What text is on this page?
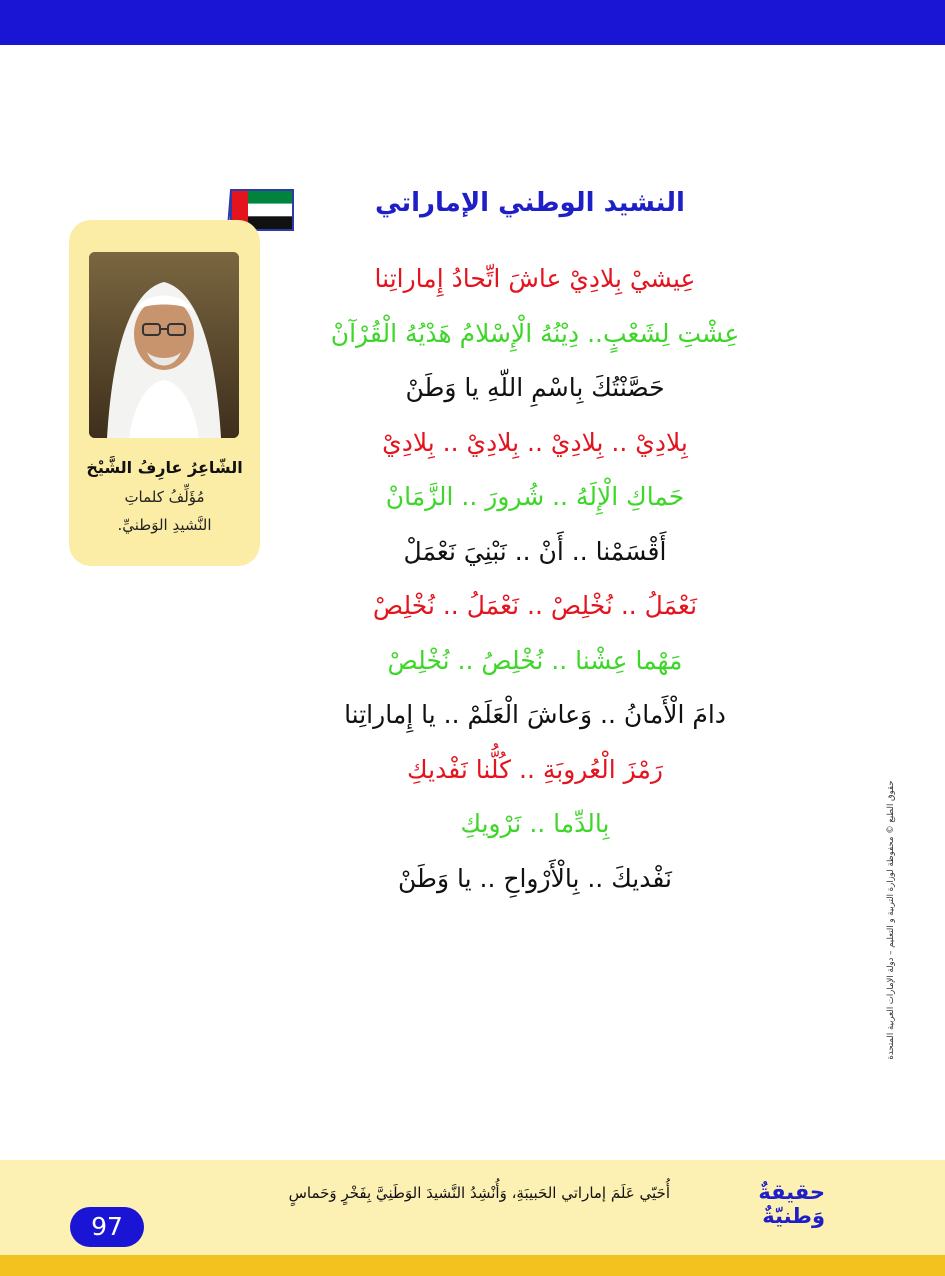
النشيد الوطني الإماراتي
عِيشيْ بِلادِيْ عاشَ اتِّحادُ إِماراتِنا
عِشْتِ لِشَعْبٍ.. دِيْنُهُ الْإِسْلامُ هَدْيُهُ الْقُرْآنْ
حَصَّنْتُكَ بِاسْمِ اللّهِ يا وَطَنْ
بِلادِيْ .. بِلادِيْ .. بِلادِيْ .. بِلادِيْ
حَماكِ الْإِلَهُ .. شُرورَ .. الزَّمَانْ
أَقْسَمْنا .. أَنْ .. نَبْنِيَ نَعْمَلْ
نَعْمَلُ .. نُخْلِصْ .. نَعْمَلُ .. نُخْلِصْ
مَهْما عِشْنا .. نُخْلِصُ .. نُخْلِصْ
دامَ الْأَمانُ .. وَعاشَ الْعَلَمْ .. يا إِماراتِنا
رَمْزَ الْعُروبَةِ .. كُلُّنا نَفْديكِ
بِالدِّما .. نَرْويكِ
نَفْديكَ .. بِالْأَرْواحِ .. يا وَطَنْ
الشّاعِرُ عارِفُ الشَّيْخ
مُؤَلِّفُ كلماتِ
النَّشيدِ الوَطنيِّ.
حقوق الطبع © محفوظة لوزارة التربية و التعليم – دولة الإمارات العربية المتحدة
حقيقةٌ وَطنيّةٌ
أُحَيّي عَلَمَ إماراتي الحَبيبَةِ، وَأُنْشِدُ النَّشيدَ الوَطَنِيَّ بِفَخْرٍ وَحَماسٍ
97
